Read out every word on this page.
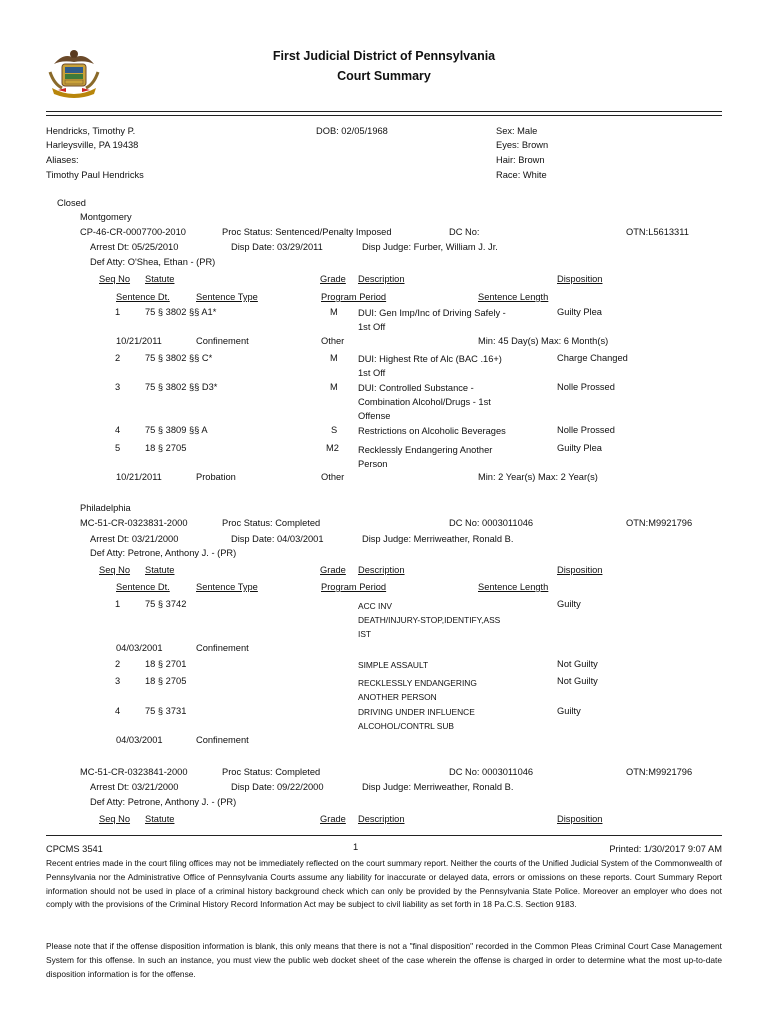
First Judicial District of Pennsylvania
Court Summary
Hendricks, Timothy P.
Harleysville, PA 19438
Aliases:
Timothy Paul Hendricks
DOB: 02/05/1968	Sex: Male
Eyes: Brown
Hair: Brown
Race: White
Closed
Montgomery
CP-46-CR-0007700-2010	Proc Status: Sentenced/Penalty Imposed	DC No:	OTN:L5613311
Arrest Dt: 05/25/2010	Disp Date: 03/29/2011	Disp Judge: Furber, William J. Jr.
Def Atty: O'Shea, Ethan - (PR)
Seq No Statute	Grade Description	Disposition
Sentence Dt.	Sentence Type	Program Period	Sentence Length
1	75 § 3802 §§ A1*	M DUI: Gen Imp/Inc of Driving Safely -
1st Off
Guilty Plea
10/21/2011	Confinement	Other	Min: 45 Day(s) Max: 6 Month(s)
2	75 § 3802 §§ C*	M DUI: Highest Rte of Alc (BAC .16+)
1st Off
Charge Changed
3	75 § 3802 §§ D3*	M DUI: Controlled Substance -
Combination Alcohol/Drugs - 1st
Offense
Nolle Prossed
4	75 § 3809 §§ A	S Restrictions on Alcoholic Beverages	Nolle Prossed
5	18 § 2705	M2 Recklessly Endangering Another
Person
Guilty Plea
10/21/2011	Probation	Other	Min: 2 Year(s) Max: 2 Year(s)
Philadelphia
MC-51-CR-0323831-2000	Proc Status: Completed	DC No: 0003011046	OTN:M9921796
Arrest Dt: 03/21/2000	Disp Date: 04/03/2001	Disp Judge: Merriweather, Ronald B.
Def Atty: Petrone, Anthony J. - (PR)
Seq No Statute	Grade Description	Disposition
Sentence Dt.	Sentence Type	Program Period	Sentence Length
1	75 § 3742	ACC INV
DEATH/INJURY-STOP,IDENTIFY,ASS
IST
Guilty
04/03/2001	Confinement
2	18 § 2701	SIMPLE ASSAULT	Not Guilty
3	18 § 2705	RECKLESSLY ENDANGERING
ANOTHER PERSON
Not Guilty
4	75 § 3731	DRIVING UNDER INFLUENCE
ALCOHOL/CONTRL SUB
Guilty
04/03/2001	Confinement
MC-51-CR-0323841-2000	Proc Status: Completed	DC No: 0003011046	OTN:M9921796
Arrest Dt: 03/21/2000	Disp Date: 09/22/2000	Disp Judge: Merriweather, Ronald B.
Def Atty: Petrone, Anthony J. - (PR)
Seq No Statute	Grade Description	Disposition
CPCMS 3541	1	Printed: 1/30/2017 9:07 AM
Recent entries made in the court filing offices may not be immediately reflected on the court summary report. Neither the courts of the Unified Judicial System of the Commonwealth of Pennsylvania nor the Administrative Office of Pennsylvania Courts assume any liability for inaccurate or delayed data, errors or omissions on these reports. Court Summary Report information should not be used in place of a criminal history background check which can only be provided by the Pennsylvania State Police. Moreover an employer who does not comply with the provisions of the Criminal History Record Information Act may be subject to civil liability as set forth in 18 Pa.C.S. Section 9183.
Please note that if the offense disposition information is blank, this only means that there is not a "final disposition" recorded in the Common Pleas Criminal Court Case Management System for this offense. In such an instance, you must view the public web docket sheet of the case wherein the offense is charged in order to determine what the most up-to-date disposition information is for the offense.
